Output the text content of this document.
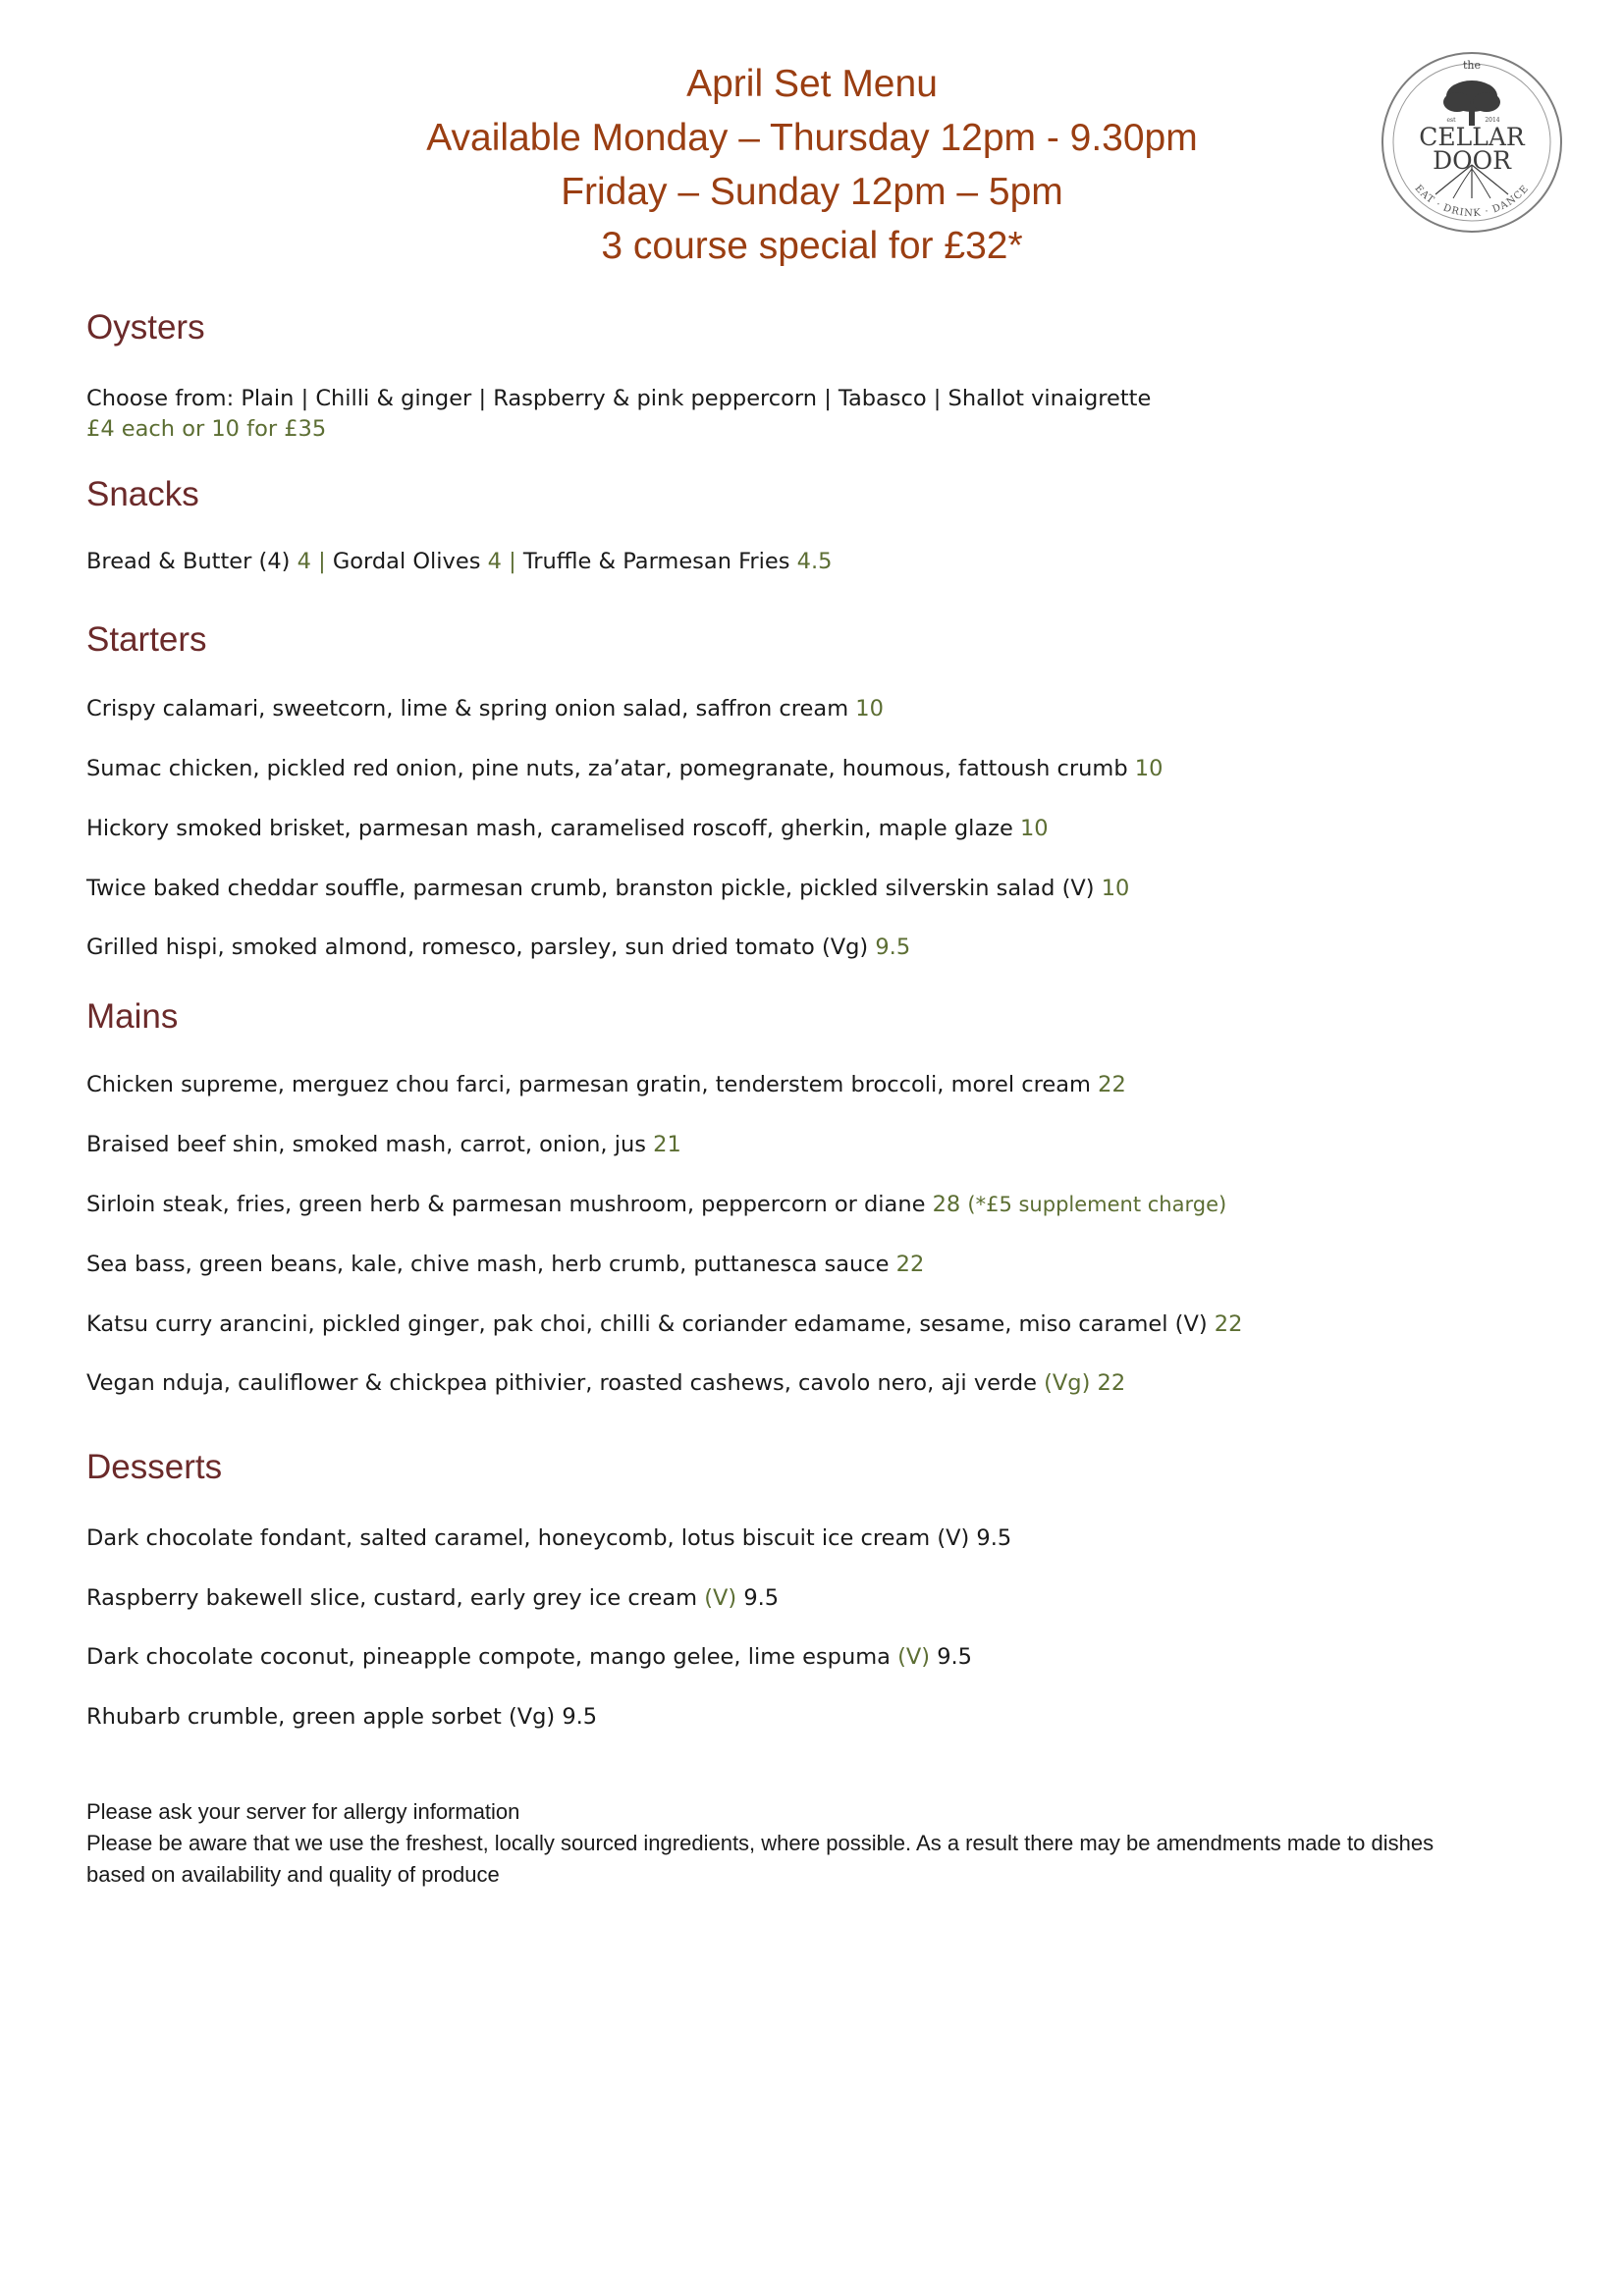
April Set Menu
Available Monday – Thursday 12pm - 9.30pm
Friday – Sunday 12pm – 5pm
3 course special for £32*
the
est	2014
CELLAR
DOOR
EAT · DRINK · DANCE
Oysters
Choose from: Plain | Chilli & ginger | Raspberry & pink peppercorn | Tabasco | Shallot vinaigrette
£4 each or 10 for £35
Snacks
Bread & Butter (4) 4 | Gordal Olives 4 | Truffle & Parmesan Fries 4.5
Starters
Crispy calamari, sweetcorn, lime & spring onion salad, saffron cream 10
Sumac chicken, pickled red onion, pine nuts, za’atar, pomegranate, houmous, fattoush crumb 10
Hickory smoked brisket, parmesan mash, caramelised roscoff, gherkin, maple glaze 10
Twice baked cheddar souffle, parmesan crumb, branston pickle, pickled silverskin salad (V) 10
Grilled hispi, smoked almond, romesco, parsley, sun dried tomato (Vg) 9.5
Mains
Chicken supreme, merguez chou farci, parmesan gratin, tenderstem broccoli, morel cream 22
Braised beef shin, smoked mash, carrot, onion, jus 21
Sirloin steak, fries, green herb & parmesan mushroom, peppercorn or diane 28 (*£5 supplement charge)
Sea bass, green beans, kale, chive mash, herb crumb, puttanesca sauce 22
Katsu curry arancini, pickled ginger, pak choi, chilli & coriander edamame, sesame, miso caramel (V) 22
Vegan nduja, cauliflower & chickpea pithivier, roasted cashews, cavolo nero, aji verde (Vg) 22
Desserts
Dark chocolate fondant, salted caramel, honeycomb, lotus biscuit ice cream (V) 9.5
Raspberry bakewell slice, custard, early grey ice cream (V) 9.5
Dark chocolate coconut, pineapple compote, mango gelee, lime espuma (V) 9.5
Rhubarb crumble, green apple sorbet (Vg) 9.5
Please ask your server for allergy information
Please be aware that we use the freshest, locally sourced ingredients, where possible. As a result there may be amendments made to dishes
based on availability and quality of produce
